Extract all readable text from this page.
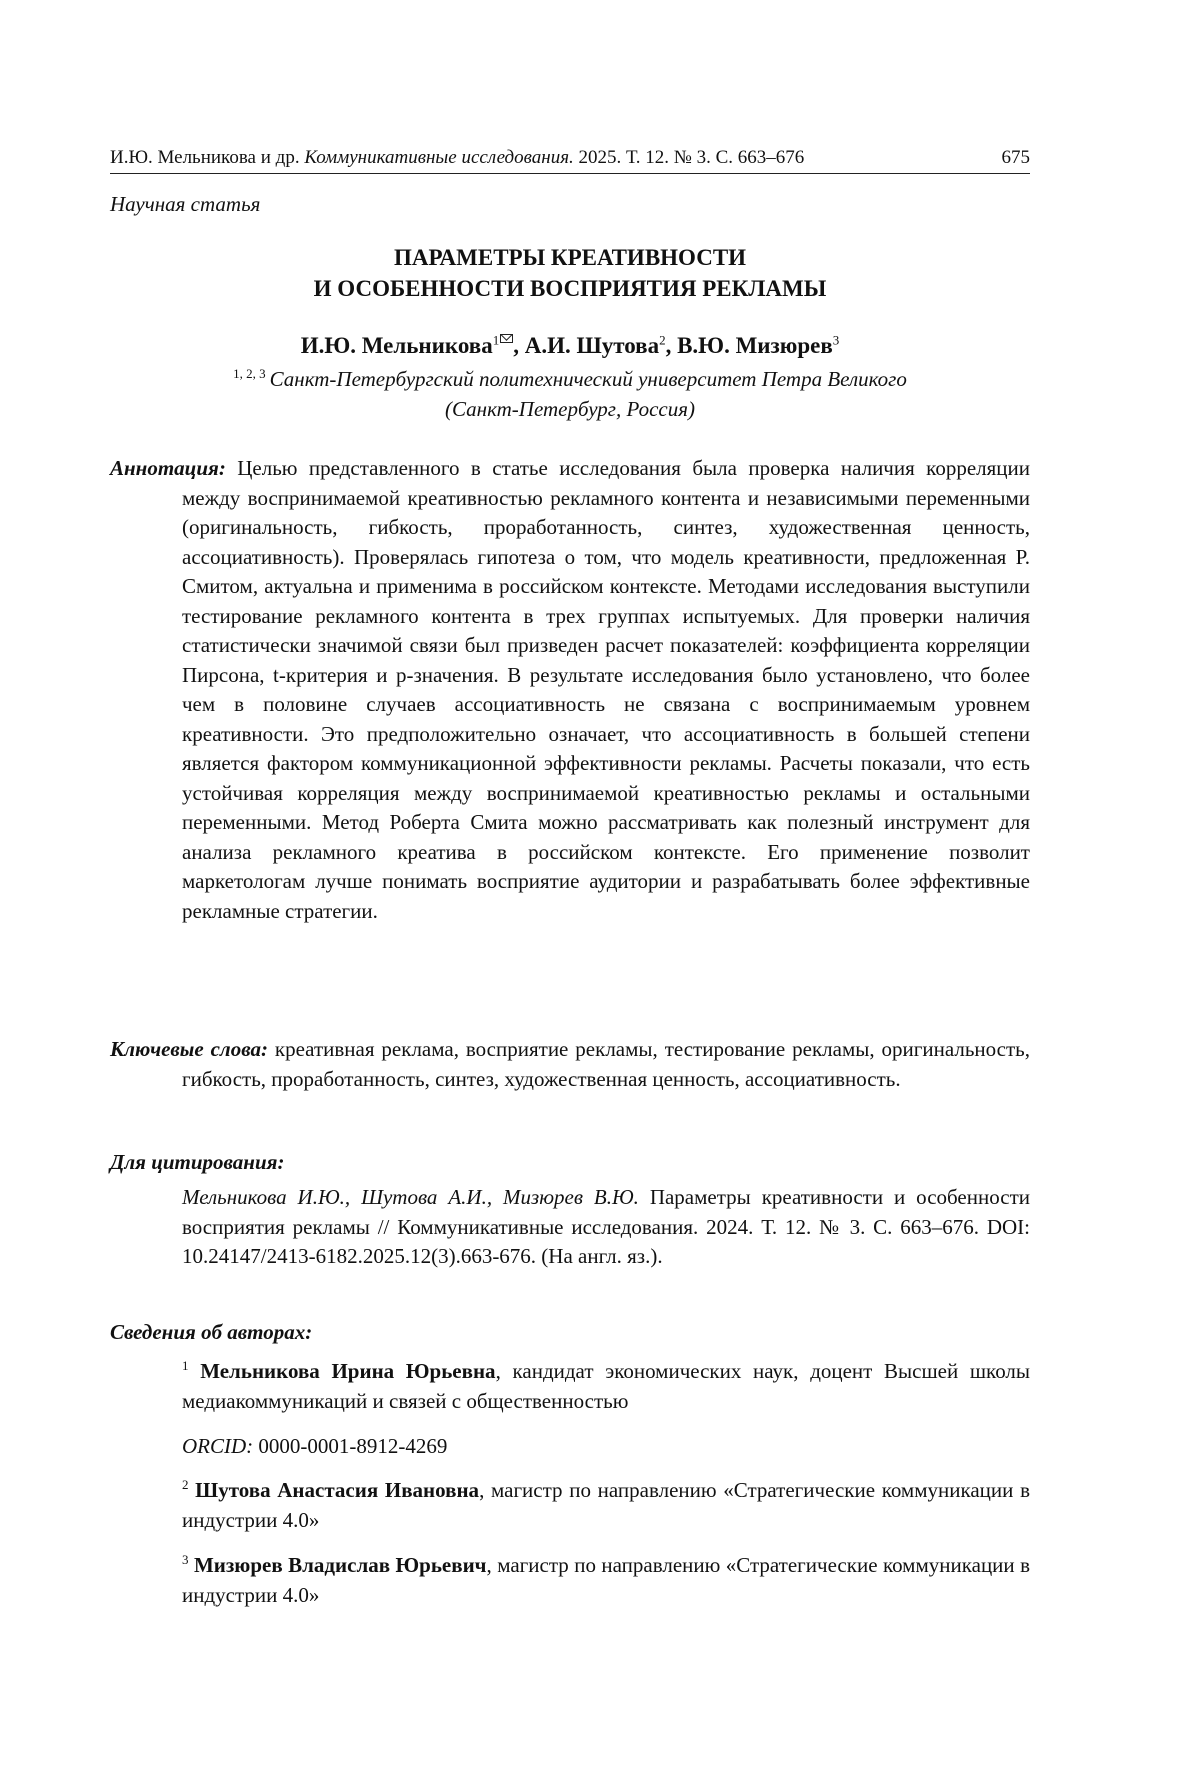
И.Ю. Мельникова и др. Коммуникативные исследования. 2025. Т. 12. № 3. С. 663–676	675
Научная статья
ПАРАМЕТРЫ КРЕАТИВНОСТИ
И ОСОБЕННОСТИ ВОСПРИЯТИЯ РЕКЛАМЫ
И.Ю. Мельникова$^1$ , А.И. Шутова$^2$, В.Ю. Мизюрев$^3$
$^{1, 2, 3}$ Санкт-Петербургский политехнический университет Петра Великого
(Санкт-Петербург, Россия)
Аннотация: Целью представленного в статье исследования была проверка наличия корреляции между воспринимаемой креативностью рекламного контента и независимыми переменными (оригинальность, гибкость, проработанность, синтез, художественная ценность, ассоциативность). Проверялась гипотеза о том, что модель креативности, предложенная Р. Смитом, актуальна и применима в российском контексте. Методами исследования выступили тестирование рекламного контента в трех группах испытуемых. Для проверки наличия статистически значимой связи был призведен расчет показателей: коэффициента корреляции Пирсона, t-критерия и p-значения. В результате исследования было установлено, что более чем в половине случаев ассоциативность не связана с воспринимаемым уровнем креативности. Это предположительно означает, что ассоциативность в большей степени является фактором коммуникационной эффективности рекламы. Расчеты показали, что есть устойчивая корреляция между воспринимаемой креативностью рекламы и остальными переменными. Метод Роберта Смита можно рассматривать как полезный инструмент для анализа рекламного креатива в российском контексте. Его применение позволит маркетологам лучше понимать восприятие аудитории и разрабатывать более эффективные рекламные стратегии.
Ключевые слова: креативная реклама, восприятие рекламы, тестирование рекламы, оригинальность, гибкость, проработанность, синтез, художественная ценность, ассоциативность.
Для цитирования:
Мельникова И.Ю., Шутова А.И., Мизюрев В.Ю. Параметры креативности и особенности восприятия рекламы // Коммуникативные исследования. 2024. Т. 12. № 3. С. 663–676. DOI: 10.24147/2413-6182.2025.12(3).663-676. (На англ. яз.).
Сведения об авторах:
$^1$ Мельникова Ирина Юрьевна, кандидат экономических наук, доцент Высшей школы медиакоммуникаций и связей с общественностью
ORCID: 0000-0001-8912-4269
$^2$ Шутова Анастасия Ивановна, магистр по направлению «Стратегические коммуникации в индустрии 4.0»
$^3$ Мизюрев Владислав Юрьевич, магистр по направлению «Стратегические коммуникации в индустрии 4.0»
